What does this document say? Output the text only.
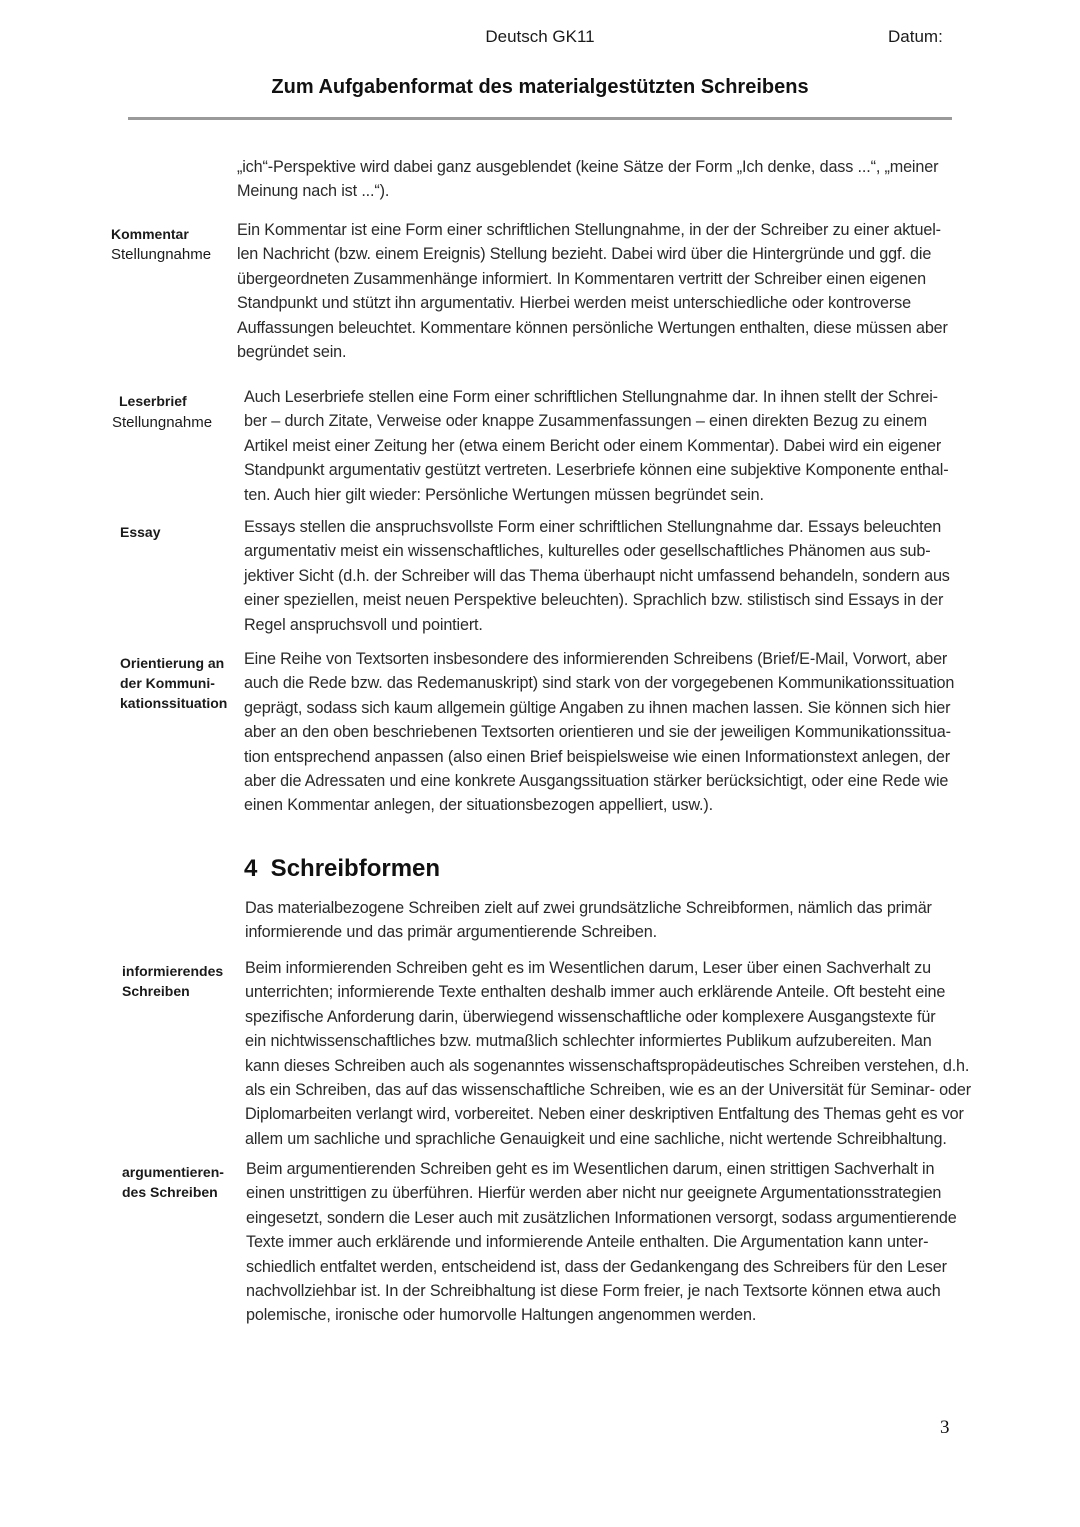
Deutsch GK11	Datum:
Zum Aufgabenformat des materialgestützten Schreibens
„ich“-Perspektive wird dabei ganz ausgeblendet (keine Sätze der Form „Ich denke, dass ...“, „meiner
Meinung nach ist ...“).
Kommentar
Stellungnahme
Ein Kommentar ist eine Form einer schriftlichen Stellungnahme, in der der Schreiber zu einer aktuel-
len Nachricht (bzw. einem Ereignis) Stellung bezieht. Dabei wird über die Hintergründe und ggf. die
übergeordneten Zusammenhänge informiert. In Kommentaren vertritt der Schreiber einen eigenen
Standpunkt und stützt ihn argumentativ. Hierbei werden meist unterschiedliche oder kontroverse
Auffassungen beleuchtet. Kommentare können persönliche Wertungen enthalten, diese müssen aber
begründet sein.
Leserbrief
Stellungnahme
Auch Leserbriefe stellen eine Form einer schriftlichen Stellungnahme dar. In ihnen stellt der Schrei-
ber – durch Zitate, Verweise oder knappe Zusammenfassungen – einen direkten Bezug zu einem
Artikel meist einer Zeitung her (etwa einem Bericht oder einem Kommentar). Dabei wird ein eigener
Standpunkt argumentativ gestützt vertreten. Leserbriefe können eine subjektive Komponente enthal-
ten. Auch hier gilt wieder: Persönliche Wertungen müssen begründet sein.
Essay	Essays stellen die anspruchsvollste Form einer schriftlichen Stellungnahme dar. Essays beleuchten
argumentativ meist ein wissenschaftliches, kulturelles oder gesellschaftliches Phänomen aus sub-
jektiver Sicht (d.h. der Schreiber will das Thema überhaupt nicht umfassend behandeln, sondern aus
einer speziellen, meist neuen Perspektive beleuchten). Sprachlich bzw. stilistisch sind Essays in der
Regel anspruchsvoll und pointiert.
Orientierung an
der Kommuni-
kationssituation
Eine Reihe von Textsorten insbesondere des informierenden Schreibens (Brief/E-Mail, Vorwort, aber
auch die Rede bzw. das Redemanuskript) sind stark von der vorgegebenen Kommunikationssituation
geprägt, sodass sich kaum allgemein gültige Angaben zu ihnen machen lassen. Sie können sich hier
aber an den oben beschriebenen Textsorten orientieren und sie der jeweiligen Kommunikationssitua-
tion entsprechend anpassen (also einen Brief beispielsweise wie einen Informationstext anlegen, der
aber die Adressaten und eine konkrete Ausgangssituation stärker berücksichtigt, oder eine Rede wie
einen Kommentar anlegen, der situationsbezogen appelliert, usw.).
4  Schreibformen
Das materialbezogene Schreiben zielt auf zwei grundsätzliche Schreibformen, nämlich das primär
informierende und das primär argumentierende Schreiben.
informierendes
Schreiben
Beim informierenden Schreiben geht es im Wesentlichen darum, Leser über einen Sachverhalt zu
unterrichten; informierende Texte enthalten deshalb immer auch erklärende Anteile. Oft besteht eine
spezifische Anforderung darin, überwiegend wissenschaftliche oder komplexere Ausgangstexte für
ein nichtwissenschaftliches bzw. mutmaßlich schlechter informiertes Publikum aufzubereiten. Man
kann dieses Schreiben auch als sogenanntes wissenschaftspropädeutisches Schreiben verstehen, d.h.
als ein Schreiben, das auf das wissenschaftliche Schreiben, wie es an der Universität für Seminar- oder
Diplomarbeiten verlangt wird, vorbereitet. Neben einer deskriptiven Entfaltung des Themas geht es vor
allem um sachliche und sprachliche Genauigkeit und eine sachliche, nicht wertende Schreibhaltung.
argumentieren-
des Schreiben
Beim argumentierenden Schreiben geht es im Wesentlichen darum, einen strittigen Sachverhalt in
einen unstrittigen zu überführen. Hierfür werden aber nicht nur geeignete Argumentationsstrategien
eingesetzt, sondern die Leser auch mit zusätzlichen Informationen versorgt, sodass argumentierende
Texte immer auch erklärende und informierende Anteile enthalten. Die Argumentation kann unter-
schiedlich entfaltet werden, entscheidend ist, dass der Gedankengang des Schreibers für den Leser
nachvollziehbar ist. In der Schreibhaltung ist diese Form freier, je nach Textsorte können etwa auch
polemische, ironische oder humorvolle Haltungen angenommen werden.
3
